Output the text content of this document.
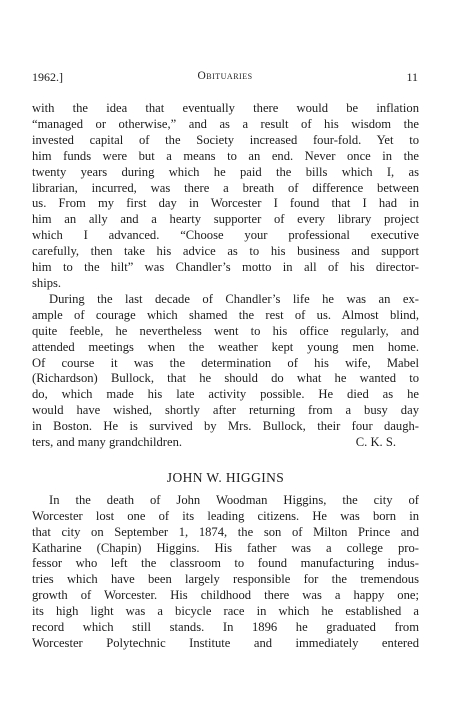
1962.]	Obituaries	11
with the idea that eventually there would be inflation
“managed or otherwise,” and as a result of his wisdom the
invested capital of the Society increased four-fold. Yet to
him funds were but a means to an end. Never once in the
twenty years during which he paid the bills which I, as
librarian, incurred, was there a breath of difference between
us. From my first day in Worcester I found that I had in
him an ally and a hearty supporter of every library project
which I advanced. “Choose your professional executive
carefully, then take his advice as to his business and support
him to the hilt” was Chandler’s motto in all of his director-
ships.
During the last decade of Chandler’s life he was an ex-
ample of courage which shamed the rest of us. Almost blind,
quite feeble, he nevertheless went to his office regularly, and
attended meetings when the weather kept young men home.
Of course it was the determination of his wife, Mabel
(Richardson) Bullock, that he should do what he wanted to
do, which made his late activity possible. He died as he
would have wished, shortly after returning from a busy day
in Boston. He is survived by Mrs. Bullock, their four daugh-
ters, and many grandchildren.	C. K. S.
JOHN W. HIGGINS
In the death of John Woodman Higgins, the city of
Worcester lost one of its leading citizens. He was born in
that city on September 1, 1874, the son of Milton Prince and
Katharine (Chapin) Higgins. His father was a college pro-
fessor who left the classroom to found manufacturing indus-
tries which have been largely responsible for the tremendous
growth of Worcester. His childhood there was a happy one;
its high light was a bicycle race in which he established a
record which still stands. In 1896 he graduated from
Worcester Polytechnic Institute and immediately entered
